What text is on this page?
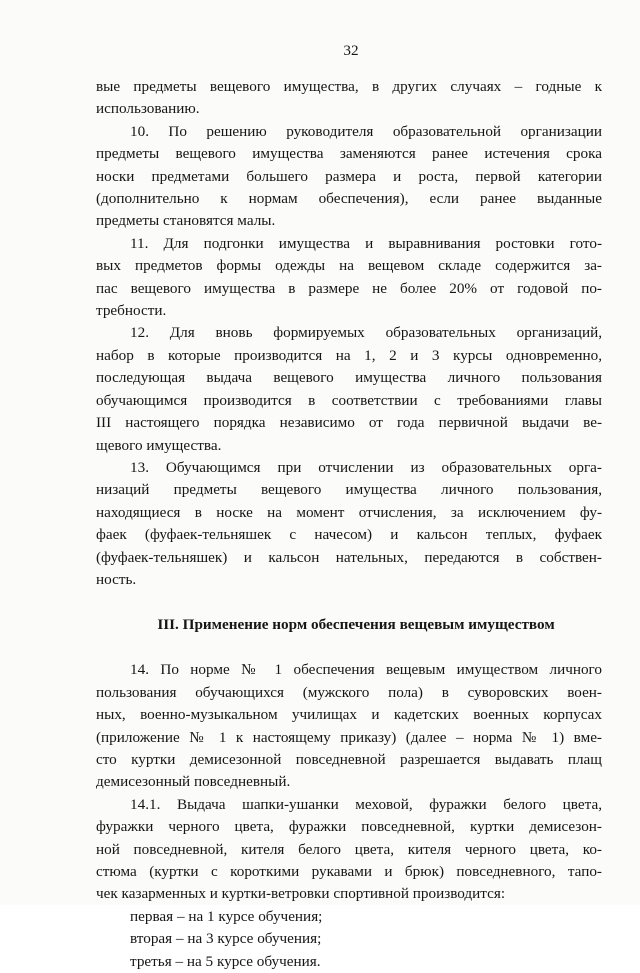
32
вые предметы вещевого имущества, в других случаях – годные к
использованию.
10. По решению руководителя образовательной организации
предметы вещевого имущества заменяются ранее истечения срока
носки предметами большего размера и роста, первой категории
(дополнительно к нормам обеспечения), если ранее выданные
предметы становятся малы.
11. Для подгонки имущества и выравнивания ростовки гото-
вых предметов формы одежды на вещевом складе содержится за-
пас вещевого имущества в размере не более 20% от годовой по-
требности.
12. Для вновь формируемых образовательных организаций,
набор в которые производится на 1, 2 и 3 курсы одновременно,
последующая выдача вещевого имущества личного пользования
обучающимся производится в соответствии с требованиями главы
III настоящего порядка независимо от года первичной выдачи ве-
щевого имущества.
13. Обучающимся при отчислении из образовательных орга-
низаций предметы вещевого имущества личного пользования,
находящиеся в носке на момент отчисления, за исключением фу-
фаек (фуфаек-тельняшек с начесом) и кальсон теплых, фуфаек
(фуфаек-тельняшек) и кальсон нательных, передаются в собствен-
ность.
III. Применение норм обеспечения вещевым имуществом
14. По норме № 1 обеспечения вещевым имуществом личного
пользования обучающихся (мужского пола) в суворовских воен-
ных, военно-музыкальном училищах и кадетских военных корпусах
(приложение № 1 к настоящему приказу) (далее – норма № 1) вме-
сто куртки демисезонной повседневной разрешается выдавать плащ
демисезонный повседневный.
14.1. Выдача шапки-ушанки меховой, фуражки белого цвета,
фуражки черного цвета, фуражки повседневной, куртки демисезон-
ной повседневной, кителя белого цвета, кителя черного цвета, ко-
стюма (куртки с короткими рукавами и брюк) повседневного, тапо-
чек казарменных и куртки-ветровки спортивной производится:
первая – на 1 курсе обучения;
вторая – на 3 курсе обучения;
третья – на 5 курсе обучения.
